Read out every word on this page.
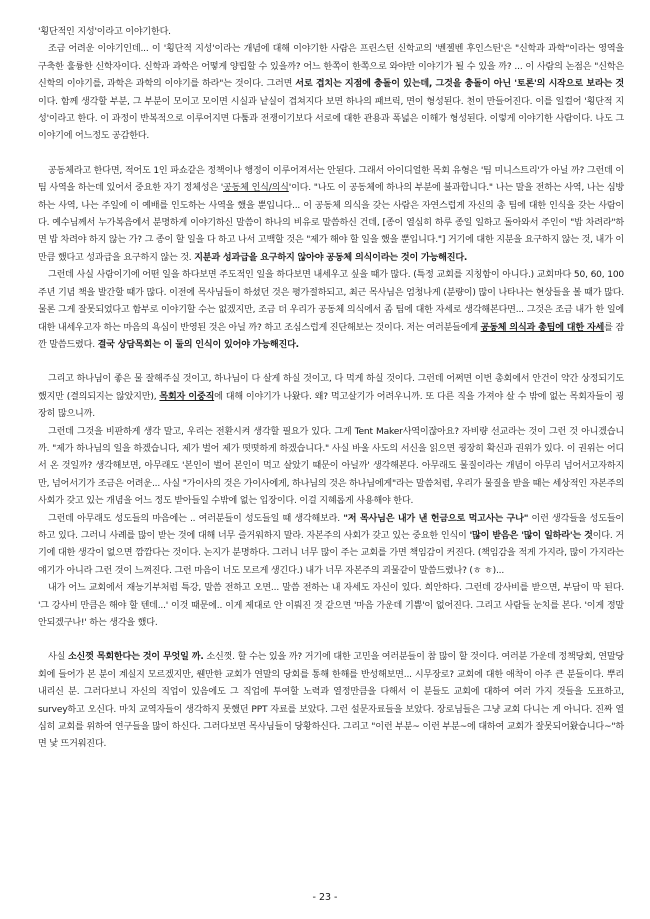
'횡단적인 지성'이라고 이야기한다.

조금 어려운 이야기인데... 이 '횡단적 지성'이라는 개념에 대해 이야기한 사람은 프린스턴 신학교의 '벤젤벤 후인스틴'은 "신학과 과학"이라는 영역을 구축한 훌륭한 신학자이다. 신학과 과학은 어떻게 양립할 수 있을까? 어느 한쪽이 한쪽으로 와야만 이야기가 될 수 있을 까? ... 이 사람의 논점은 "신학은 신학의 이야기를, 과학은 과학의 이야기를 하라"는 것이다. 그러면 서로 겹치는 지점에 충돌이 있는데, 그것을 충돌이 아닌 '토론'의 시작으로 보라는 것이다. 함께 생각할 부분, 그 부분이 모이고 모이면 시실과 낱실이 겹쳐지다 보면 하나의 패브릭, 면이 형성된다. 천이 만들어진다. 이를 일컬어 '횡단적 지성'이라고 한다. 이 과정이 반복적으로 이루어지면 다툼과 전쟁이기보다 서로에 대한 관용과 폭넓은 이해가 형성된다. 이렇게 이야기한 사람이다. 나도 그 이야기에 어느정도 공감한다.

공동체라고 한다면, 적어도 1인 파쇼같은 정책이나 행정이 이루어져서는 안된다. 그래서 아이디얼한 목회 유형은 '팀 미니스트리'가 아닐 까? 그런데 이 팀 사역을 하는데 있어서 중요한 자기 정체성은 '공동체 인식/의식'이다. "나도 이 공동체에 하나의 부분에 불과합니다." 나는 말을 전하는 사역, 나는 심방하는 사역, 나는 주일에 이 예배를 인도하는 사역을 했을 뿐입니다... 이 공동체 의식을 갖는 사람은 자연스럽게 자신의 총 팀에 대한 인식을 갖는 사람이다. 예수님께서 누가복음에서 분명하게 이야기하신 말씀이 하나의 비유로 말씀하신 건데, [종이 열심히 하루 종일 일하고 돌아와서 주인이 "밥 차려라"하면 밥 차려야 하지 않는 가? 그 종이 할 일을 다 하고 나서 고백할 것은 "제가 해야 할 일을 했을 뿐입니다."] 거기에 대한 지분을 요구하지 않는 것, 내가 이만큼 했다고 성과급을 요구하지 않는 것. 지분과 성과급을 요구하지 않아야 공동체 의식이라는 것이 가능해진다.

그런데 사실 사람이기에 어떤 일을 하다보면 주도적인 일을 하다보면 내세우고 싶을 때가 많다. (특정 교회를 지칭함이 아니다.) 교회마다 50, 60, 100주년 기념 책을 발간할 때가 많다. 이전에 목사님들이 하셨던 것은 평가절하되고, 최근 목사님은 엄청나게 (분량이) 많이 나타나는 현상들을 볼 때가 많다. 물론 그게 잘못되었다고 함부로 이야기할 수는 없겠지만, 조금 더 우리가 공동체 의식에서 좀 팀에 대한 자세로 생각해본다면... 그것은 조금 내가 한 일에 대한 내세우고자 하는 마음의 욕심이 반영된 것은 아닐 까? 하고 조심스럽게 진단해보는 것이다. 저는 여러분들에게 공동체 의식과 총팀에 대한 자세를 잠깐 말씀드렸다. 결국 상담목회는 이 둘의 인식이 있어야 가능해진다.

그리고 하나님이 좋은 물 잘해주실 것이고, 하나님이 다 살게 하실 것이고, 다 먹게 하실 것이다. 그런데 어쩌면 이번 총회에서 안건이 약간 상정되기도 했지만 (결의되지는 않았지만), 목회자 이중직에 대해 이야기가 나왔다. 왜? 먹고살기가 어려우니까. 또 다른 직을 가져야 살 수 밖에 없는 목회자들이 굉장히 많으니까.

그런데 그것을 비판하게 생각 말고, 우리는 전환시켜 생각할 필요가 있다. 그게 Tent Maker사역이잖아요? 자비량 선교라는 것이 그런 것 아니겠습니까. "제가 하나님의 일을 하겠습니다, 제가 벌어 제가 떳떳하게 하겠습니다." 사실 바울 사도의 서신을 읽으면 굉장히 확신과 권위가 있다. 이 권위는 어디서 온 것일까? 생각해보면, 아무래도 '본인이 벌어 본인이 먹고 살았기 때문이 아닐까' 생각해본다. 아무래도 물질이라는 개념이 아무리 넘어서고자하지만, 넘어서기가 조금은 어려운... 사실 "가이사의 것은 가이사에게, 하나님의 것은 하나님에게"라는 말씀처럼, 우리가 물질을 받을 때는 세상적인 자본주의 사회가 갖고 있는 개념을 어느 정도 받아들일 수밖에 없는 입장이다. 이걸 지혜롭게 사용해야 한다.

그런데 아무래도 성도들의 마음에는 .. 여러분들이 성도들일 때 생각해보라. "저 목사님은 내가 낸 헌금으로 먹고사는 구나" 이런 생각들을 성도들이 하고 있다. 그러니 사례를 많이 받는 것에 대해 너무 즐거워하지 말라. 자본주의 사회가 갖고 있는 중요한 인식이 '많이 받음은 '많이 일하라'는 것이다. 거기에 대한 생각이 없으면 깜깜다는 것이다. 논지가 분명하다. 그러니 너무 많이 주는 교회를 가면 책임감이 커진다. (책임감을 적게 가지라, 많이 가지라는 얘기가 아니라 그런 것이 느껴진다. 그런 마음이 너도 모르게 생긴다.) 내가 너무 자본주의 괴물같이 말씀드렸나? (ㅎ ㅎ)...

내가 어느 교회에서 재능기부처럼 특강, 말씀 전하고 오면... 말씀 전하는 내 자세도 자신이 있다. 희안하다. 그런데 강사비를 받으면, 부담이 막 된다. '그 강사비 만큼은 해야 할 텐데...' 이것 때문에.. 이게 제대로 안 이뤄진 것 같으면 '마음 가운데 기쁨'이 없어진다. 그리고 사람들 눈치를 본다. '이게 정말 안되겠구나!' 하는 생각을 했다.

사실 소신껏 목회한다는 것이 무엇일 까. 소신껏. 할 수는 있을 까? 거기에 대한 고민을 여러분들이 참 많이 할 것이다. 여러분 가운데 정책당회, 연말당회에 들어가 본 분이 계실지 모르겠지만, 웬만한 교회가 연말의 당회를 통해 한해를 반성해보면... 시무장로? 교회에 대한 애착이 아주 큰 분들이다. 뿌리 내리신 분. 그러다보니 자신의 직업이 있음에도 그 직업에 투여할 노력과 열정만큼을 다해서 이 분들도 교회에 대하여 여러 가지 것들을 도표하고, survey하고 오신다. 마치 교역자들이 생각하지 못했던 PPT 자료를 보았다. 그런 설문자료들을 보았다. 장로님들은 그냥 교회 다니는 게 아니다. 진짜 열심히 교회를 위하여 연구들을 많이 하신다. 그러다보면 목사님들이 당황하신다. 그리고 "이런 부분~ 이런 부분~에 대하여 교회가 잘못되어왔습니다~"하면 낯 뜨거워진다.

- 23 -
